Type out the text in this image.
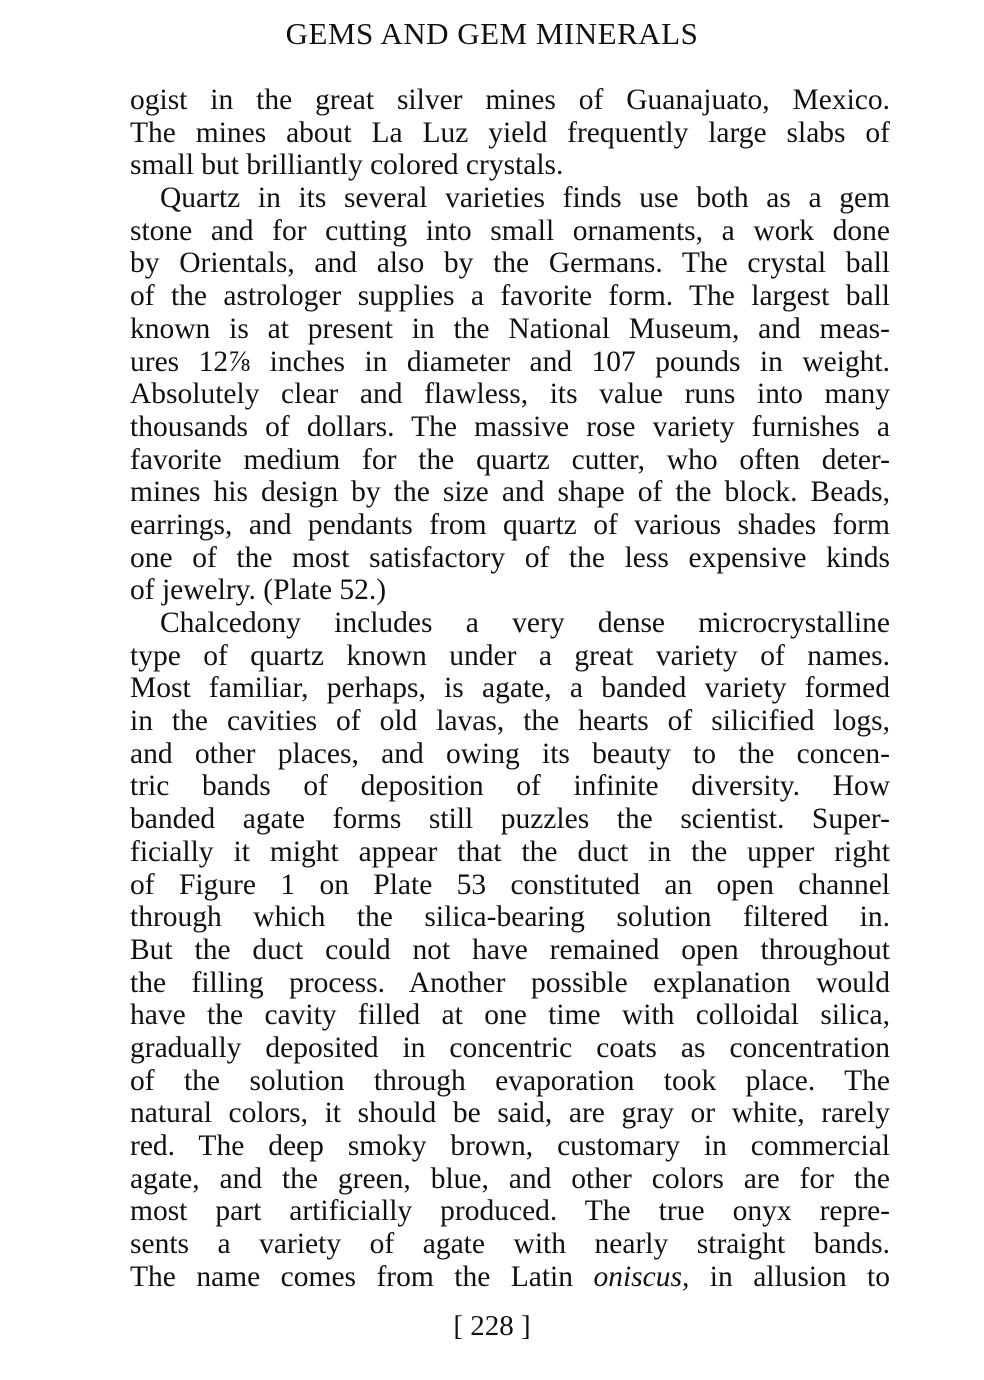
GEMS AND GEM MINERALS
ogist in the great silver mines of Guanajuato, Mexico.
The mines about La Luz yield frequently large slabs of
small but brilliantly colored crystals.
Quartz in its several varieties finds use both as a gem
stone and for cutting into small ornaments, a work done
by Orientals, and also by the Germans. The crystal ball
of the astrologer supplies a favorite form. The largest ball
known is at present in the National Museum, and meas-
ures 12⅞ inches in diameter and 107 pounds in weight.
Absolutely clear and flawless, its value runs into many
thousands of dollars. The massive rose variety furnishes a
favorite medium for the quartz cutter, who often deter-
mines his design by the size and shape of the block. Beads,
earrings, and pendants from quartz of various shades form
one of the most satisfactory of the less expensive kinds
of jewelry. (Plate 52.)
Chalcedony includes a very dense microcrystalline
type of quartz known under a great variety of names.
Most familiar, perhaps, is agate, a banded variety formed
in the cavities of old lavas, the hearts of silicified logs,
and other places, and owing its beauty to the concen-
tric bands of deposition of infinite diversity. How
banded agate forms still puzzles the scientist. Super-
ficially it might appear that the duct in the upper right
of Figure 1 on Plate 53 constituted an open channel
through which the silica-bearing solution filtered in.
But the duct could not have remained open throughout
the filling process. Another possible explanation would
have the cavity filled at one time with colloidal silica,
gradually deposited in concentric coats as concentration
of the solution through evaporation took place. The
natural colors, it should be said, are gray or white, rarely
red. The deep smoky brown, customary in commercial
agate, and the green, blue, and other colors are for the
most part artificially produced. The true onyx repre-
sents a variety of agate with nearly straight bands.
The name comes from the Latin oniscus, in allusion to
[ 228 ]
